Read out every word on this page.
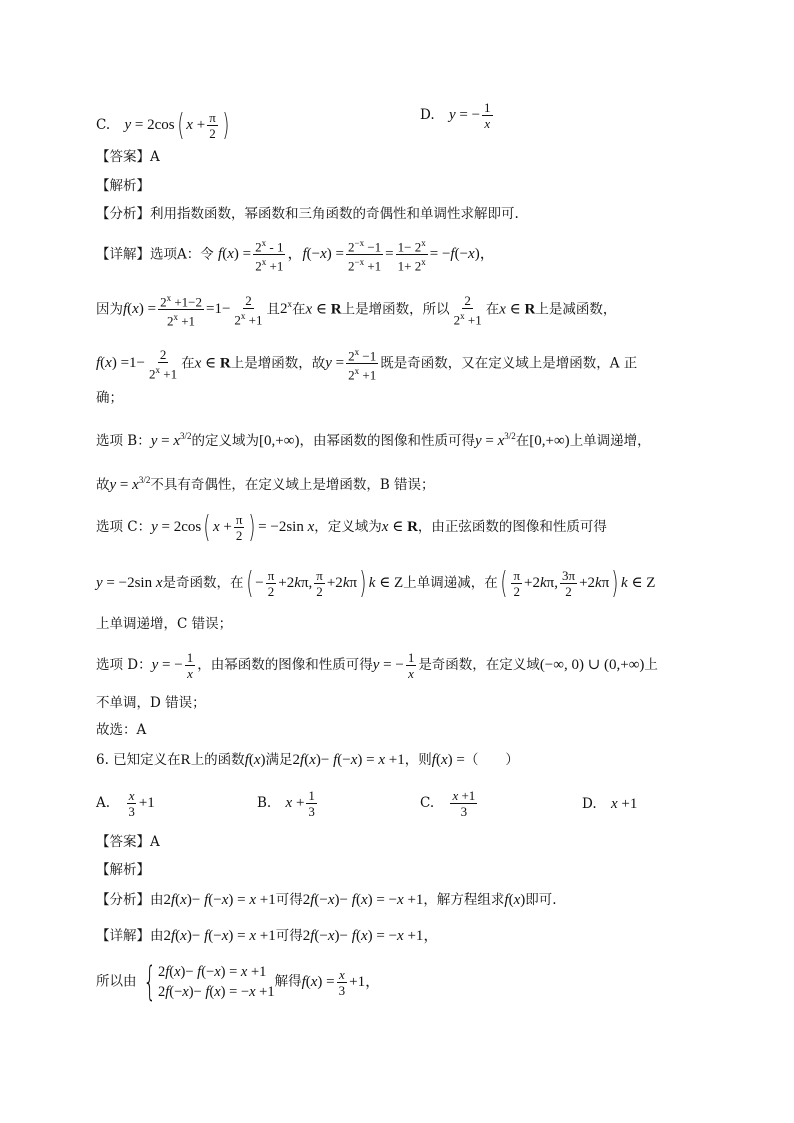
C. y = 2cos( $x + \frac{\pi}{2}$ )	D. y = − $\frac{1}{x}$
【答案】A
【解析】
【分析】利用指数函数，幂函数和三角函数的奇偶性和单调性求解即可.
【详解】选项A：令 $f(x) = \frac{2^x - 1}{2^x +1}$ ，$f(-x) = \frac{2^{-x} -1}{2^{-x} +1} = \frac{1- 2^x}{1+ 2^x} = -f(-x)$，
因为$f(x) = \frac{2^x +1-2}{2^x +1} =1- \frac{2}{2^x +1}$ 且2$^x$在x ∈ R上是增函数，所以 $\frac{2}{2^x +1}$ 在x ∈ R上是减函数，
$f(x) =1- \frac{2}{2^x +1}$ 在x ∈ R上是增函数，故$y = \frac{2^x -1}{2^x +1}$ 既是奇函数，又在定义域上是增函数，A 正
确；
选项 B：$y = x^{3/2}$的定义域为[0,+∞)，由幂函数的图像和性质可得$y = x^{3/2}$在[0,+∞)上单调递增，
故$y = x^{3/2}$不具有奇偶性，在定义域上是增函数，B 错误；
选项 C：y = 2cos( $x + \frac{\pi}{2}$ ) = −2sin x，定义域为x ∈ R，由正弦函数的图像和性质可得
y = −2sin x是奇函数，在( − $\frac{\pi}{2} +2k\pi$, $\frac{\pi}{2} +2k\pi$) k ∈ Z上单调递减，在( $\frac{\pi}{2} +2k\pi$, $\frac{3\pi}{2} +2k\pi$) k ∈ Z
上单调递增，C 错误；
选项 D：y = − $\frac{1}{x}$ ，由幂函数的图像和性质可得y = − $\frac{1}{x}$ 是奇函数，在定义域(−∞, 0) ∪ (0,+∞)上
不单调，D 错误；
故选：A
6. 已知定义在R上的函数f(x)满足2f(x)− f(−x) = x +1，则f(x) =（　　）
A. $\frac{x}{3} +1$	B. $x + \frac{1}{3}$	C. $\frac{x +1}{3}$	D. x +1
【答案】A
【解析】
【分析】由2f(x)− f(−x) = x +1可得2f(−x)− f(x) = −x +1，解方程组求f(x)即可.
【详解】由2f(x)− f(−x) = x +1可得2f(−x)− f(x) = −x +1，
所以由 { 2f(x)− f(−x) = x +1
2f(−x)− f(x) = −x +1
解得$f(x) = \frac{x}{3} +1$，
